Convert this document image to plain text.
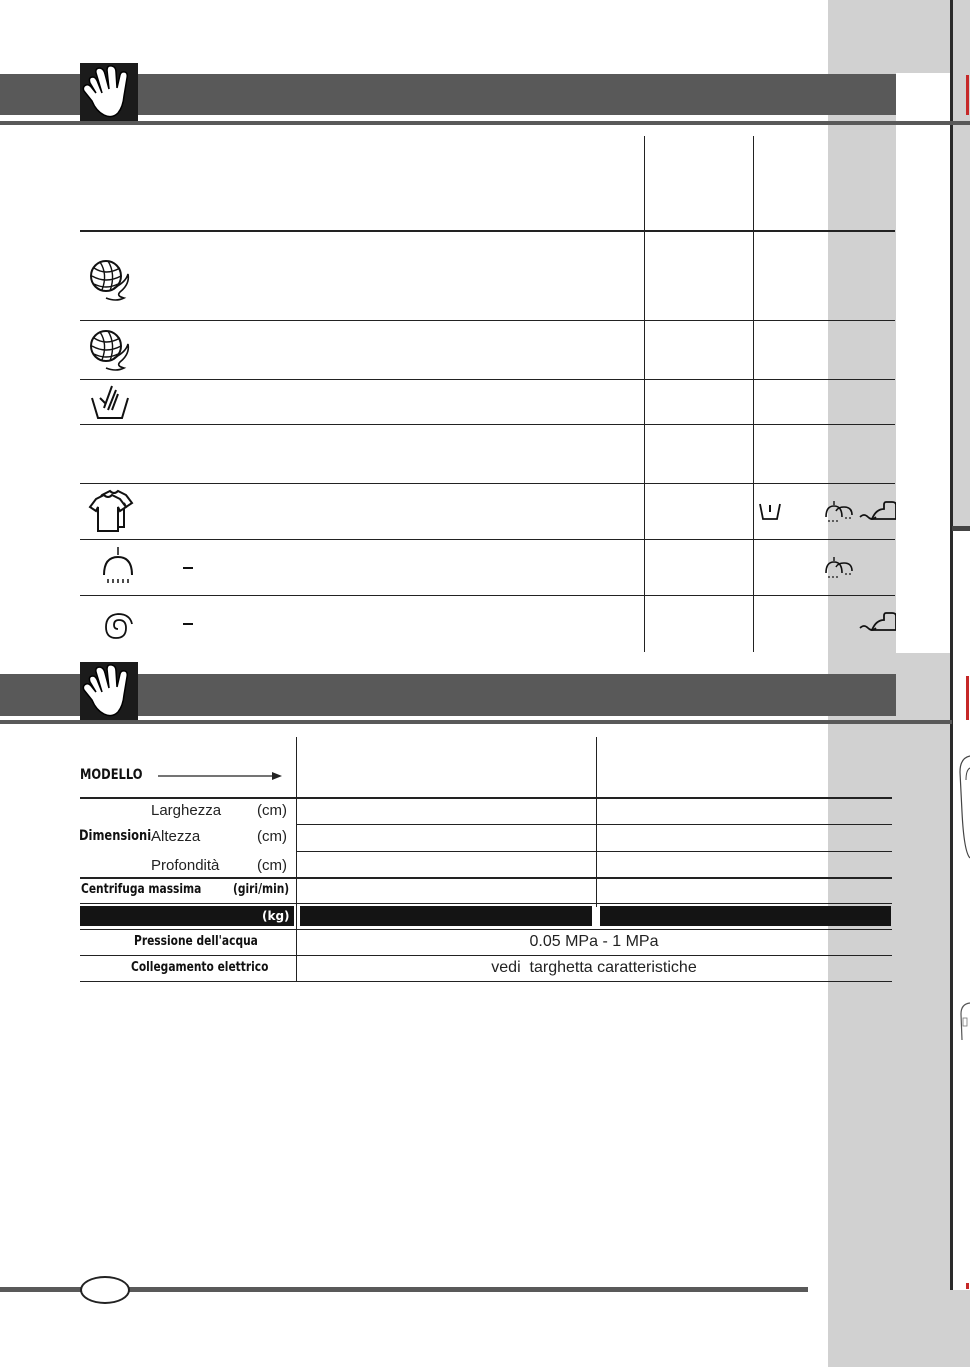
(kg)
MODELLO
Dimensioni
Larghezza
Altezza
Profondità
(cm)
(cm)
(cm)
Centrifuga massima (giri/min)
Pressione dell'acqua	0.05 MPa - 1 MPa
Collegamento elettrico	vedi  targhetta caratteristiche
